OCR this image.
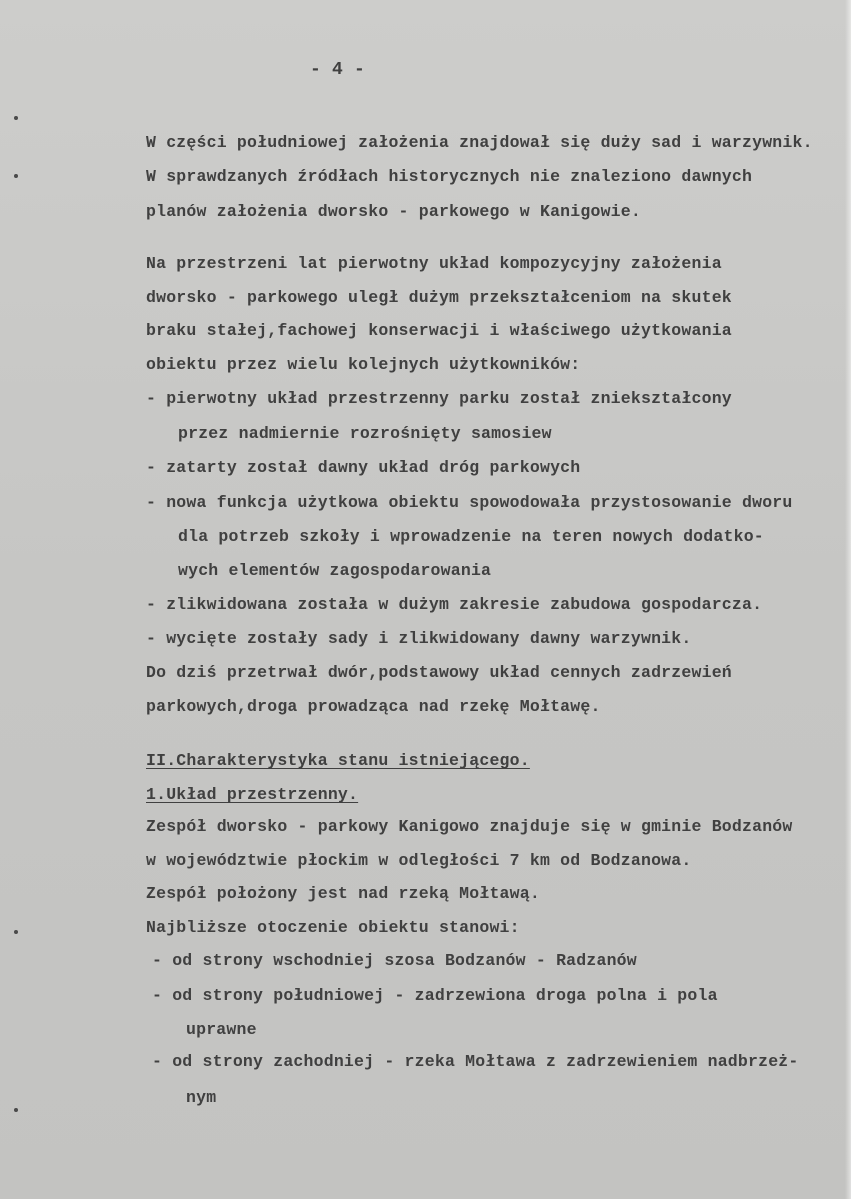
- 4 -
W części południowej założenia znajdował się duży sad i warzywnik.
W sprawdzanych źródłach historycznych nie znaleziono dawnych
planów założenia dworsko - parkowego w Kanigowie.
Na przestrzeni lat pierwotny układ kompozycyjny założenia
dworsko - parkowego uległ dużym przekształceniom na skutek
braku stałej,fachowej konserwacji i właściwego użytkowania
obiektu przez wielu kolejnych użytkowników:
- pierwotny układ przestrzenny parku został zniekształcony
przez nadmiernie rozrośnięty samosiew
- zatarty został dawny układ dróg parkowych
- nowa funkcja użytkowa obiektu spowodowała przystosowanie dworu
dla potrzeb szkoły i wprowadzenie na teren nowych dodatko-
wych elementów zagospodarowania
- zlikwidowana została w dużym zakresie zabudowa gospodarcza.
- wycięte zostały sady i zlikwidowany dawny warzywnik.
Do dziś przetrwał dwór,podstawowy układ cennych zadrzewień
parkowych,droga prowadząca nad rzekę Mołtawę.
II.Charakterystyka stanu istniejącego.
1.Układ przestrzenny.
Zespół dworsko - parkowy Kanigowo znajduje się w gminie Bodzanów
w województwie płockim w odległości 7 km od Bodzanowa.
Zespół położony jest nad rzeką Mołtawą.
Najbliższe otoczenie obiektu stanowi:
- od strony wschodniej szosa Bodzanów - Radzanów
- od strony południowej - zadrzewiona droga polna i pola
uprawne
- od strony zachodniej - rzeka Mołtawa z zadrzewieniem nadbrzeż-
nym
